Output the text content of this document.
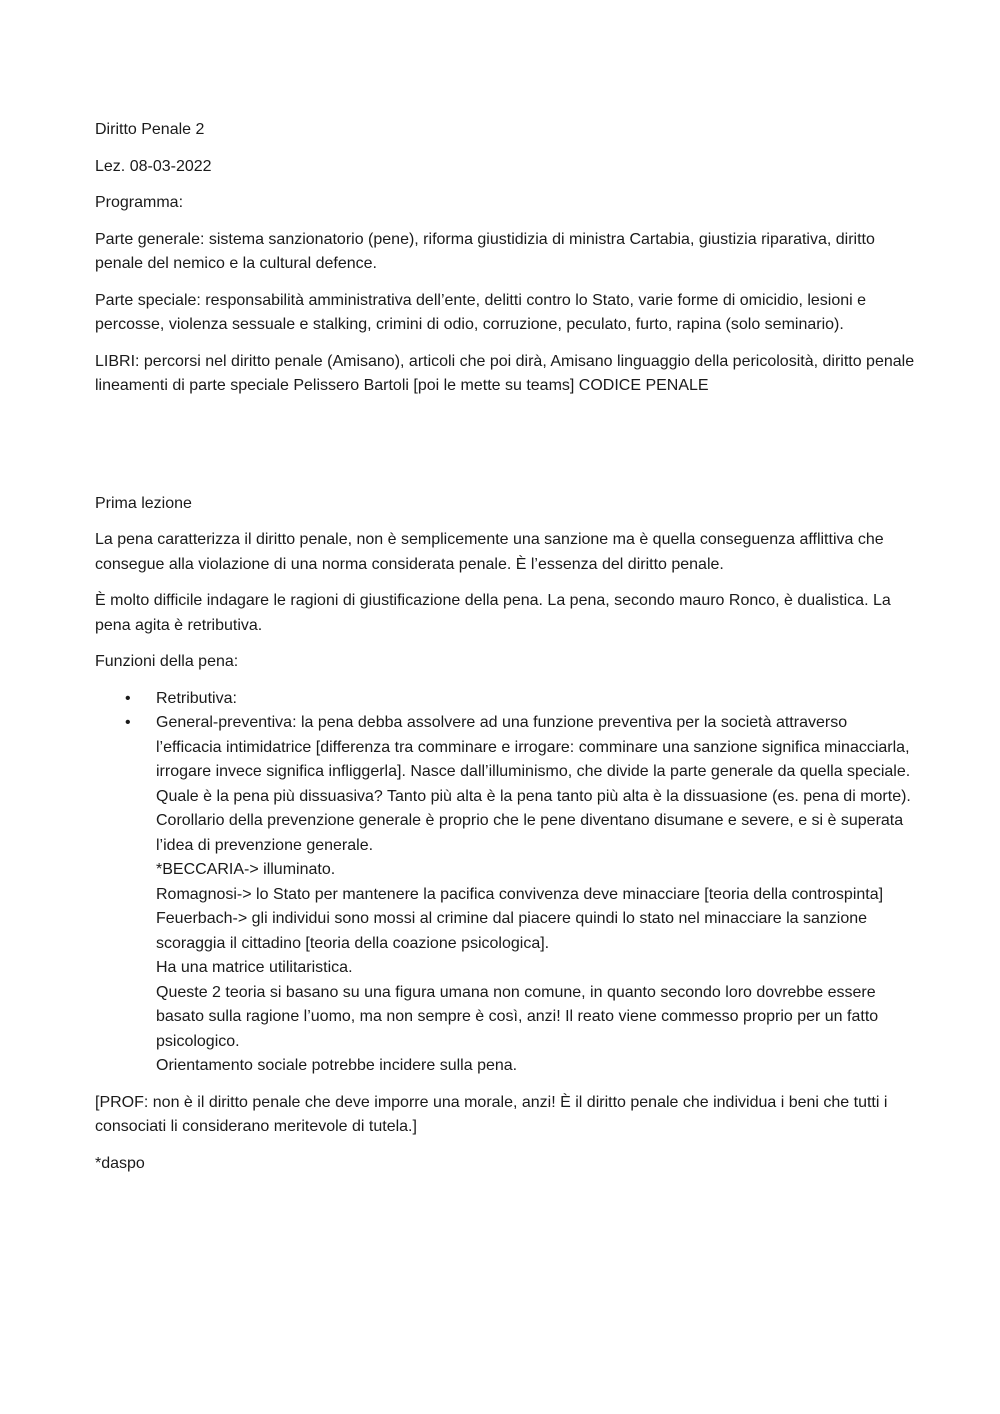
Diritto Penale 2

Lez. 08-03-2022

Programma:

Parte generale: sistema sanzionatorio (pene), riforma giustidizia di ministra Cartabia, giustizia riparativa, diritto penale del nemico e la cultural defence.

Parte speciale: responsabilità amministrativa dell’ente, delitti contro lo Stato, varie forme di omicidio, lesioni e percosse, violenza sessuale e stalking, crimini di odio, corruzione, peculato, furto, rapina (solo seminario).

LIBRI: percorsi nel diritto penale (Amisano), articoli che poi dirà, Amisano linguaggio della pericolosità, diritto penale lineamenti di parte speciale Pelissero Bartoli [poi le mette su teams] CODICE PENALE

Prima lezione

La pena caratterizza il diritto penale, non è semplicemente una sanzione ma è quella conseguenza afflittiva che consegue alla violazione di una norma considerata penale. È l’essenza del diritto penale.

È molto difficile indagare le ragioni di giustificazione della pena. La pena, secondo mauro Ronco, è dualistica. La pena agita è retributiva.

Funzioni della pena:

• Retributiva:
• General-preventiva: la pena debba assolvere ad una funzione preventiva per la società attraverso l’efficacia intimidatrice [differenza tra comminare e irrogare: comminare una sanzione significa minacciarla, irrogare invece significa infliggerla]. Nasce dall’illuminismo, che divide la parte generale da quella speciale.
Quale è la pena più dissuasiva? Tanto più alta è la pena tanto più alta è la dissuasione (es. pena di morte). Corollario della prevenzione generale è proprio che le pene diventano disumane e severe, e si è superata l’idea di prevenzione generale.
*BECCARIA-> illuminato.
Romagnosi-> lo Stato per mantenere la pacifica convivenza deve minacciare [teoria della controspinta]
Feuerbach-> gli individui sono mossi al crimine dal piacere quindi lo stato nel minacciare la sanzione scoraggia il cittadino [teoria della coazione psicologica].
Ha una matrice utilitaristica.
Queste 2 teoria si basano su una figura umana non comune, in quanto secondo loro dovrebbe essere basato sulla ragione l’uomo, ma non sempre è così, anzi! Il reato viene commesso proprio per un fatto psicologico.
Orientamento sociale potrebbe incidere sulla pena.

[PROF: non è il diritto penale che deve imporre una morale, anzi! È il diritto penale che individua i beni che tutti i consociati li considerano meritevole di tutela.]

*daspo
